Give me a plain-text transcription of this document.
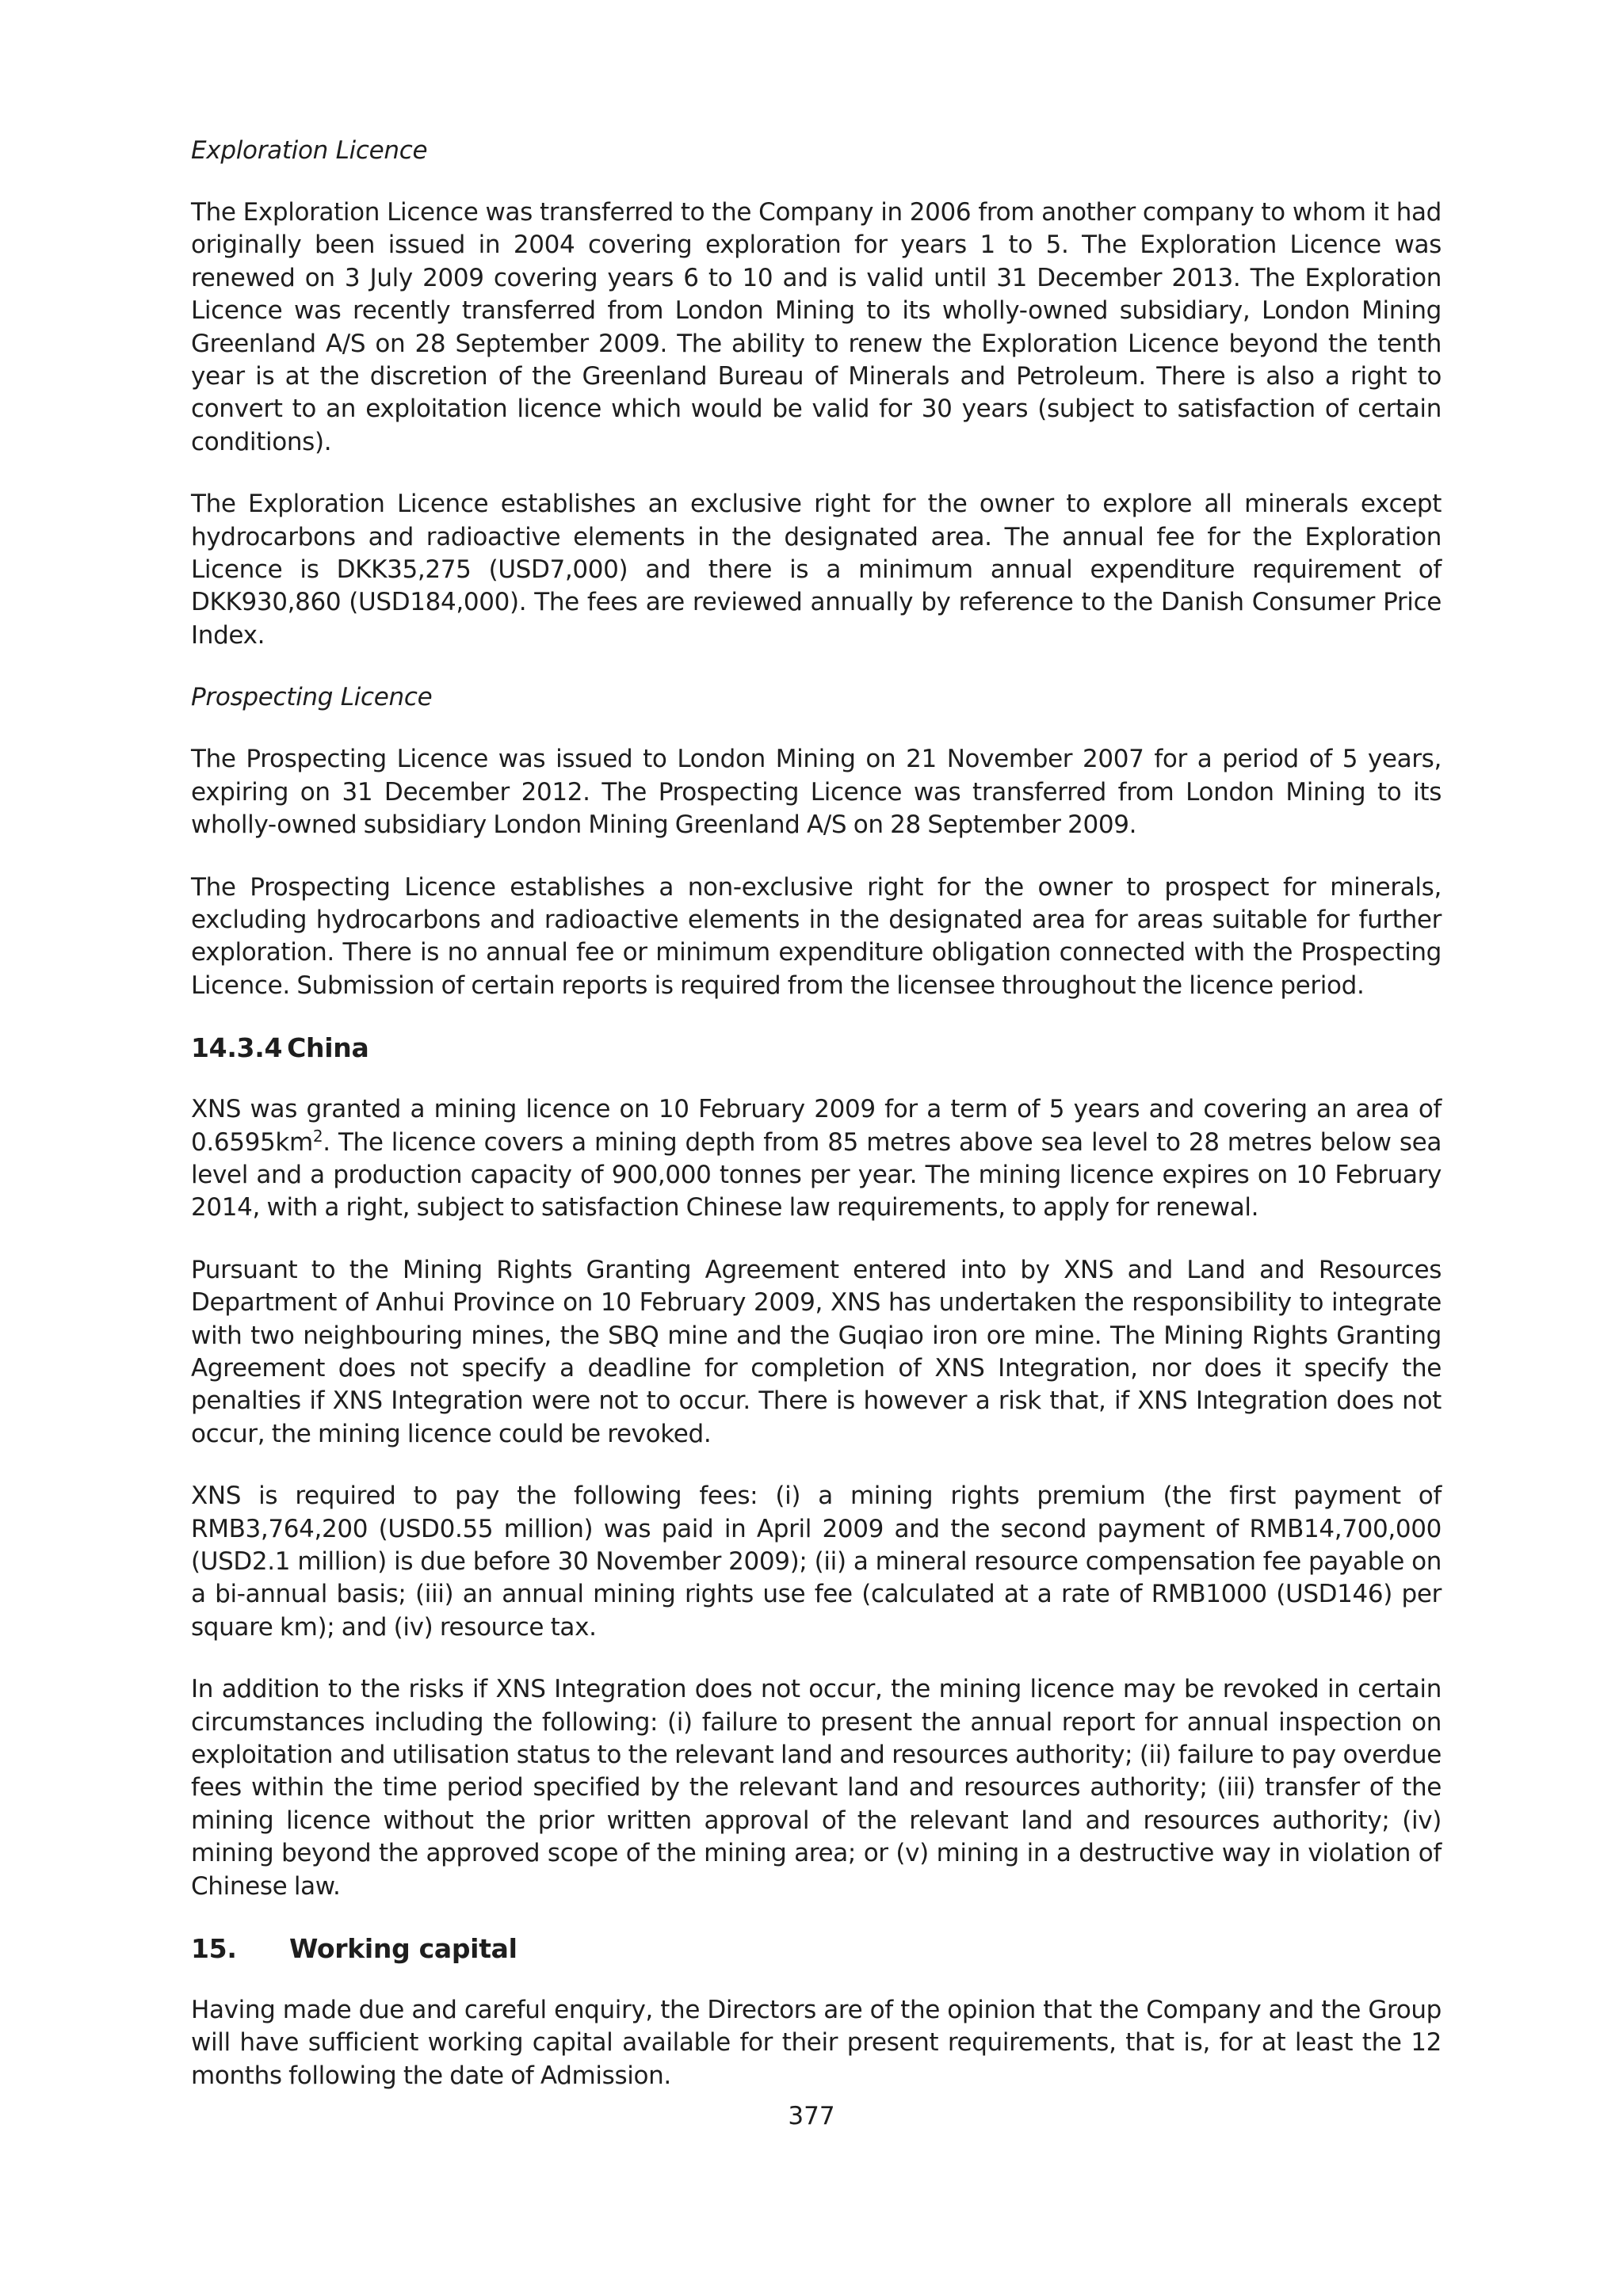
Exploration Licence

The Exploration Licence was transferred to the Company in 2006 from another company to whom it had originally been issued in 2004 covering exploration for years 1 to 5. The Exploration Licence was renewed on 3 July 2009 covering years 6 to 10 and is valid until 31 December 2013. The Exploration Licence was recently transferred from London Mining to its wholly-owned subsidiary, London Mining Greenland A/S on 28 September 2009. The ability to renew the Exploration Licence beyond the tenth year is at the discretion of the Greenland Bureau of Minerals and Petroleum. There is also a right to convert to an exploitation licence which would be valid for 30 years (subject to satisfaction of certain conditions).

The Exploration Licence establishes an exclusive right for the owner to explore all minerals except hydrocarbons and radioactive elements in the designated area. The annual fee for the Exploration Licence is DKK35,275 (USD7,000) and there is a minimum annual expenditure requirement of DKK930,860 (USD184,000). The fees are reviewed annually by reference to the Danish Consumer Price Index.

Prospecting Licence

The Prospecting Licence was issued to London Mining on 21 November 2007 for a period of 5 years, expiring on 31 December 2012. The Prospecting Licence was transferred from London Mining to its wholly-owned subsidiary London Mining Greenland A/S on 28 September 2009.

The Prospecting Licence establishes a non-exclusive right for the owner to prospect for minerals, excluding hydrocarbons and radioactive elements in the designated area for areas suitable for further exploration. There is no annual fee or minimum expenditure obligation connected with the Prospecting Licence. Submission of certain reports is required from the licensee throughout the licence period.

14.3.4 China

XNS was granted a mining licence on 10 February 2009 for a term of 5 years and covering an area of $0.6595km^2$. The licence covers a mining depth from 85 metres above sea level to 28 metres below sea level and a production capacity of 900,000 tonnes per year. The mining licence expires on 10 February 2014, with a right, subject to satisfaction Chinese law requirements, to apply for renewal.

Pursuant to the Mining Rights Granting Agreement entered into by XNS and Land and Resources Department of Anhui Province on 10 February 2009, XNS has undertaken the responsibility to integrate with two neighbouring mines, the SBQ mine and the Guqiao iron ore mine. The Mining Rights Granting Agreement does not specify a deadline for completion of XNS Integration, nor does it specify the penalties if XNS Integration were not to occur. There is however a risk that, if XNS Integration does not occur, the mining licence could be revoked.

XNS is required to pay the following fees: (i) a mining rights premium (the first payment of RMB3,764,200 (USD0.55 million) was paid in April 2009 and the second payment of RMB14,700,000 (USD2.1 million) is due before 30 November 2009); (ii) a mineral resource compensation fee payable on a bi-annual basis; (iii) an annual mining rights use fee (calculated at a rate of RMB1000 (USD146) per square km); and (iv) resource tax.

In addition to the risks if XNS Integration does not occur, the mining licence may be revoked in certain circumstances including the following: (i) failure to present the annual report for annual inspection on exploitation and utilisation status to the relevant land and resources authority; (ii) failure to pay overdue fees within the time period specified by the relevant land and resources authority; (iii) transfer of the mining licence without the prior written approval of the relevant land and resources authority; (iv) mining beyond the approved scope of the mining area; or (v) mining in a destructive way in violation of Chinese law.

15. Working capital

Having made due and careful enquiry, the Directors are of the opinion that the Company and the Group will have sufficient working capital available for their present requirements, that is, for at least the 12 months following the date of Admission.

377
